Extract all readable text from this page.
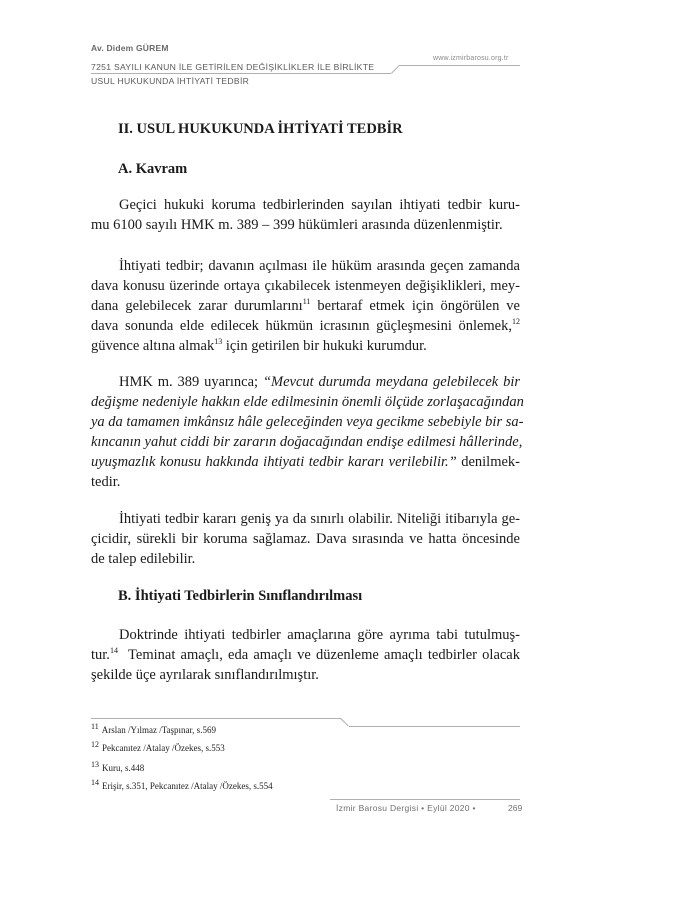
Av. Didem GÜREM
7251 SAYILI KANUN İLE GETİRİLEN DEĞİŞİKLİKLER İLE BİRLİKTE
USUL HUKUKUNDA İHTİYATİ TEDBİR
www.izmirbarosu.org.tr
II. USUL HUKUKUNDA İHTİYATİ TEDBİR
A. Kavram
Geçici hukuki koruma tedbirlerinden sayılan ihtiyati tedbir kuru-
mu 6100 sayılı HMK m. 389 – 399 hükümleri arasında düzenlenmiştir.
İhtiyati tedbir; davanın açılması ile hüküm arasında geçen zamanda
dava konusu üzerinde ortaya çıkabilecek istenmeyen değişiklikleri, mey-
dana gelebilecek zarar durumlarını$^{11}$ bertaraf etmek için öngörülen ve
dava sonunda elde edilecek hükmün icrasının güçleşmesini önlemek,$^{12}$
güvence altına almak$^{13}$ için getirilen bir hukuki kurumdur.
HMK m. 389 uyarınca; “Mevcut durumda meydana gelebilecek bir
değişme nedeniyle hakkın elde edilmesinin önemli ölçüde zorlaşacağından
ya da tamamen imkânsız hâle geleceğinden veya gecikme sebebiyle bir sa-
kıncanın yahut ciddi bir zararın doğacağından endişe edilmesi hâllerinde,
uyuşmazlık konusu hakkında ihtiyati tedbir kararı verilebilir.” denilmek-
tedir.
İhtiyati tedbir kararı geniş ya da sınırlı olabilir. Niteliği itibarıyla ge-
çicidir, sürekli bir koruma sağlamaz. Dava sırasında ve hatta öncesinde
de talep edilebilir.
B. İhtiyati Tedbirlerin Sınıflandırılması
Doktrinde ihtiyati tedbirler amaçlarına göre ayrıma tabi tutulmuş-
tur.$^{14}$  Teminat amaçlı, eda amaçlı ve düzenleme amaçlı tedbirler olacak
şekilde üçe ayrılarak sınıflandırılmıştır.
11 Arslan /Yılmaz /Taşpınar, s.569
12 Pekcanıtez /Atalay /Özekes, s.553
13 Kuru, s.448
14 Erişir, s.351, Pekcanıtez /Atalay /Özekes, s.554
İzmir Barosu Dergisi • Eylül 2020 •	269
